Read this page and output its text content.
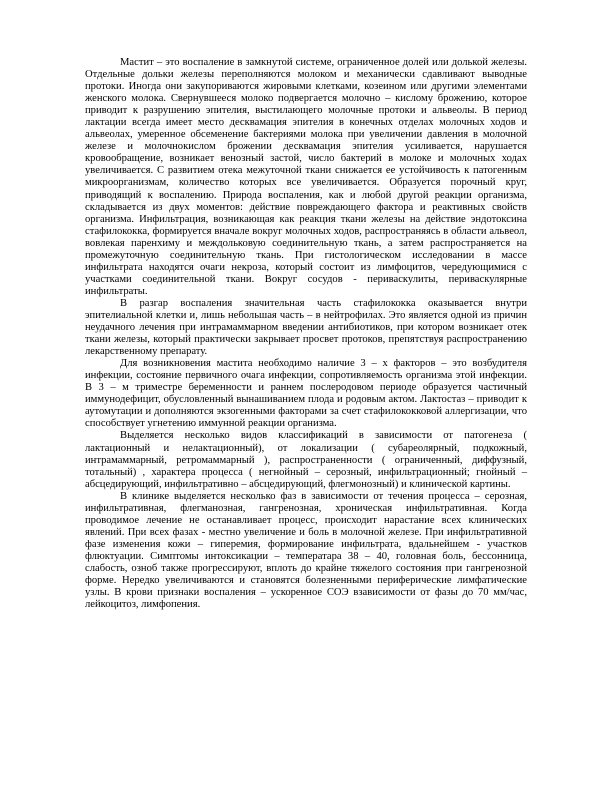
Мастит – это воспаление в замкнутой системе, ограниченное долей или долькой железы. Отдельные дольки железы переполняются молоком и механически сдавливают выводные протоки. Иногда они закупориваются жировыми клетками, козеином или другими элементами женского молока. Свернувшееся молоко подвергается молочно – кислому брожению, которое приводит к разрушению эпителия, выстилающего молочные протоки и альвеолы. В период лактации всегда имеет место десквамация эпителия в конечных отделах молочных ходов и альвеолах, умеренное обсеменение бактериями молока при увеличении давления в молочной железе и молочнокислом брожении десквамация эпителия усиливается, нарушается кровообращение, возникает венозный застой, число бактерий в молоке и молочных ходах увеличивается. С развитием отека межуточной ткани снижается ее устойчивость к патогенным микроорганизмам, количество которых все увеличивается. Образуется порочный круг, приводящий к воспалению. Природа воспаления, как и любой другой реакции организма, складывается из двух моментов: действие повреждающего фактора и реактивных свойств организма. Инфильтрация, возникающая как реакция ткани железы на действие эндотоксина стафилококка, формируется вначале вокруг молочных ходов, распространяясь в области альвеол, вовлекая паренхиму и междольковую соединительную ткань, а затем распространяется на промежуточную соединительную ткань. При гистологическом исследовании в массе инфильтрата находятся очаги некроза, который состоит из лимфоцитов, чередующимися с участками соединительной ткани. Вокруг сосудов - периваскулиты, периваскулярные инфильтраты.

В разгар воспаления значительная часть стафилококка оказывается внутри эпителиальной клетки и, лишь небольшая часть – в нейтрофилах. Это является одной из причин неудачного лечения при интрамаммарном введении антибиотиков, при котором возникает отек ткани железы, который практически закрывает просвет протоков, препятствуя распространению лекарственному препарату.

Для возникновения мастита необходимо наличие 3 – х факторов – это возбудителя инфекции, состояние первичного очага инфекции, сопротивляемость организма этой инфекции. В 3 – м триместре беременности и раннем послеродовом периоде образуется частичный иммунодефицит, обусловленный вынашиванием плода и родовым актом. Лактостаз – приводит к аутомутации и дополняются экзогенными факторами за счет стафилококковой аллергизации, что способствует угнетению иммунной реакции организма.

Выделяется несколько видов классификаций в зависимости от патогенеза ( лактационный и нелактационный), от локализации ( субареолярный, подкожный, интрамаммарный, ретромаммарный ), распространенности ( ограниченный, диффузный, тотальный) , характера процесса ( негнойный – серозный, инфильтрационный; гнойный – абсцедирующий, инфильтративно – абсцедирующий, флегмонозный) и клинической картины.

В клинике выделяется несколько фаз в зависимости от течения процесса – серозная, инфильтративная, флегманозная, гангренозная, хроническая инфильтративная. Когда проводимое лечение не останавливает процесс, происходит нарастание всех клинических явлений. При всех фазах - местно увеличение и боль в молочной железе. При инфильтративной фазе изменения кожи – гиперемия, формирование инфильтрата, вдальнейшем - участков флюктуации. Симптомы интоксикации – температара 38 – 40, головная боль, бессонница, слабость, озноб также прогрессируют, вплоть до крайне тяжелого состояния при гангренозной форме. Нередко увеличиваются и становятся болезненными периферические лимфатические узлы. В крови признаки воспаления – ускоренное СОЭ взависимости от фазы до 70 мм/час, лейкоцитоз, лимфопения.
